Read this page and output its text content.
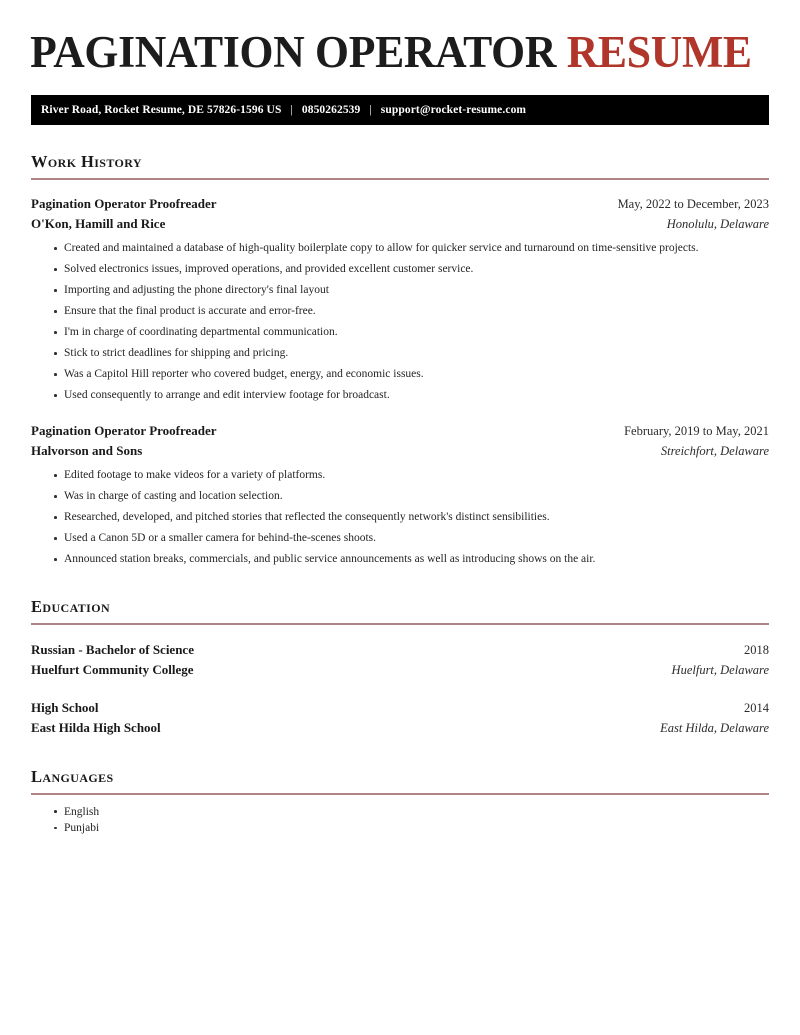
PAGINATION OPERATOR RESUME
River Road, Rocket Resume, DE 57826-1596 US | 0850262539 | support@rocket-resume.com
Work History
Pagination Operator Proofreader	May, 2022 to December, 2023
O'Kon, Hamill and Rice	Honolulu, Delaware
Created and maintained a database of high-quality boilerplate copy to allow for quicker service and turnaround on time-sensitive projects.
Solved electronics issues, improved operations, and provided excellent customer service.
Importing and adjusting the phone directory's final layout
Ensure that the final product is accurate and error-free.
I'm in charge of coordinating departmental communication.
Stick to strict deadlines for shipping and pricing.
Was a Capitol Hill reporter who covered budget, energy, and economic issues.
Used consequently to arrange and edit interview footage for broadcast.
Pagination Operator Proofreader	February, 2019 to May, 2021
Halvorson and Sons	Streichfort, Delaware
Edited footage to make videos for a variety of platforms.
Was in charge of casting and location selection.
Researched, developed, and pitched stories that reflected the consequently network's distinct sensibilities.
Used a Canon 5D or a smaller camera for behind-the-scenes shoots.
Announced station breaks, commercials, and public service announcements as well as introducing shows on the air.
Education
Russian - Bachelor of Science	2018
Huelfurt Community College	Huelfurt, Delaware
High School	2014
East Hilda High School	East Hilda, Delaware
Languages
English
Punjabi
